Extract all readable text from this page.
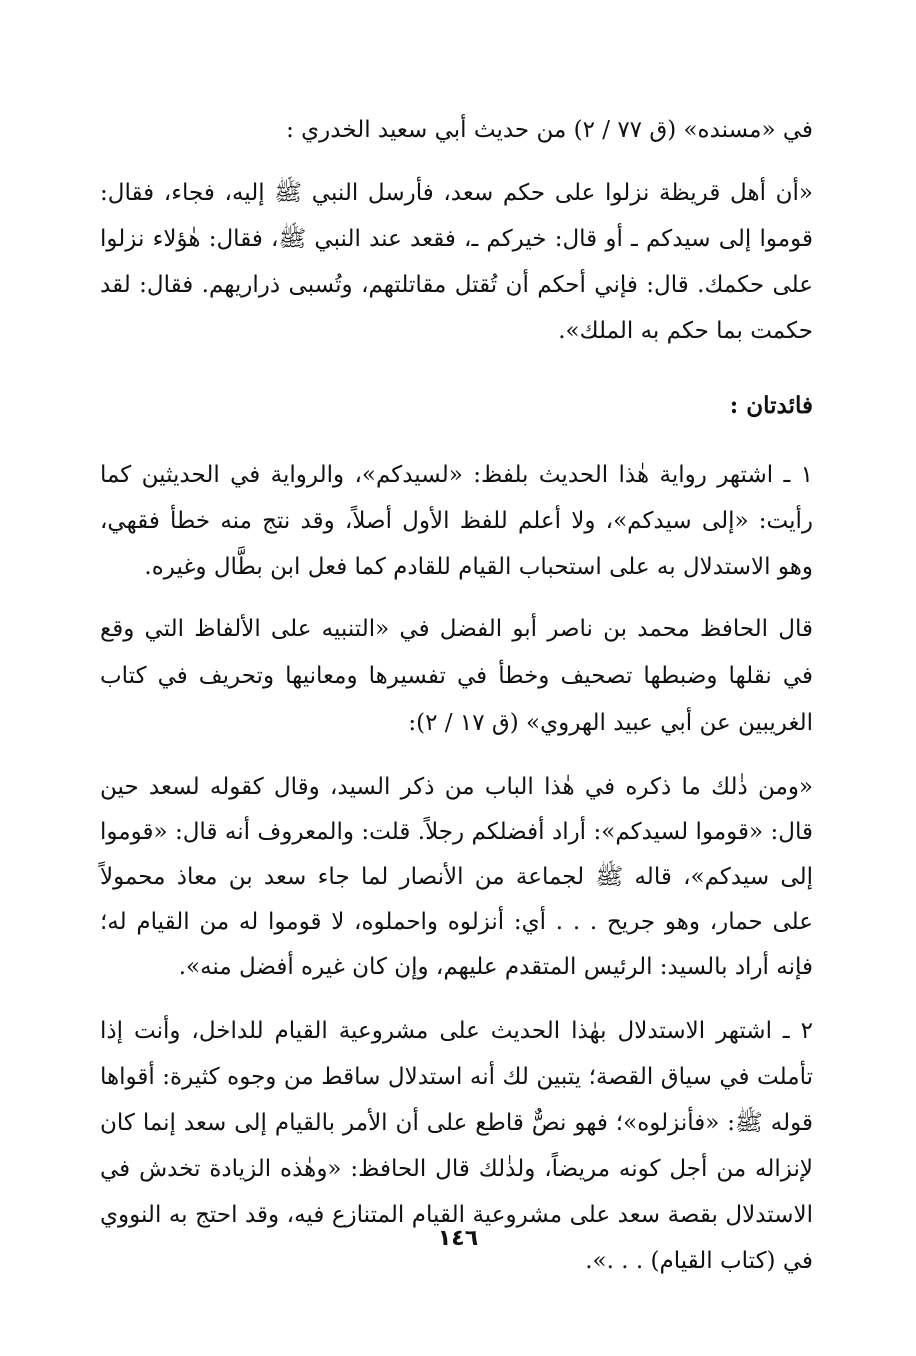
في «مسنده» (ق ٧٧ / ٢) من حديث أبي سعيد الخدري :

«أن أهل قريظة نزلوا على حكم سعد، فأرسل النبي ﷺ إليه، فجاء، فقال: قوموا إلى سيدكم ـ أو قال: خيركم ـ، فقعد عند النبي ﷺ، فقال: هٰؤلاء نزلوا على حكمك. قال: فإني أحكم أن تُقتل مقاتلتهم، وتُسبى ذراريهم. فقال: لقد حكمت بما حكم به الملك».

فائدتان :

١ ـ اشتهر رواية هٰذا الحديث بلفظ: «لسيدكم»، والرواية في الحديثين كما رأيت: «إلى سيدكم»، ولا أعلم للفظ الأول أصلاً، وقد نتج منه خطأ فقهي، وهو الاستدلال به على استحباب القيام للقادم كما فعل ابن بطَّال وغيره.

قال الحافظ محمد بن ناصر أبو الفضل في «التنبيه على الألفاظ التي وقع في نقلها وضبطها تصحيف وخطأ في تفسيرها ومعانيها وتحريف في كتاب الغريبين عن أبي عبيد الهروي» (ق ١٧ / ٢):

«ومن ذٰلك ما ذكره في هٰذا الباب من ذكر السيد، وقال كقوله لسعد حين قال: «قوموا لسيدكم»: أراد أفضلكم رجلاً. قلت: والمعروف أنه قال: «قوموا إلى سيدكم»، قاله ﷺ لجماعة من الأنصار لما جاء سعد بن معاذ محمولاً على حمار، وهو جريح . . . أي: أنزلوه واحملوه، لا قوموا له من القيام له؛ فإنه أراد بالسيد: الرئيس المتقدم عليهم، وإن كان غيره أفضل منه».

٢ ـ اشتهر الاستدلال بهٰذا الحديث على مشروعية القيام للداخل، وأنت إذا تأملت في سياق القصة؛ يتبين لك أنه استدلال ساقط من وجوه كثيرة: أقواها قوله ﷺ: «فأنزلوه»؛ فهو نصٌّ قاطع على أن الأمر بالقيام إلى سعد إنما كان لإنزاله من أجل كونه مريضاً، ولذٰلك قال الحافظ: «وهٰذه الزيادة تخدش في الاستدلال بقصة سعد على مشروعية القيام المتنازع فيه، وقد احتج به النووي في (كتاب القيام) . . .».

١٤٦
